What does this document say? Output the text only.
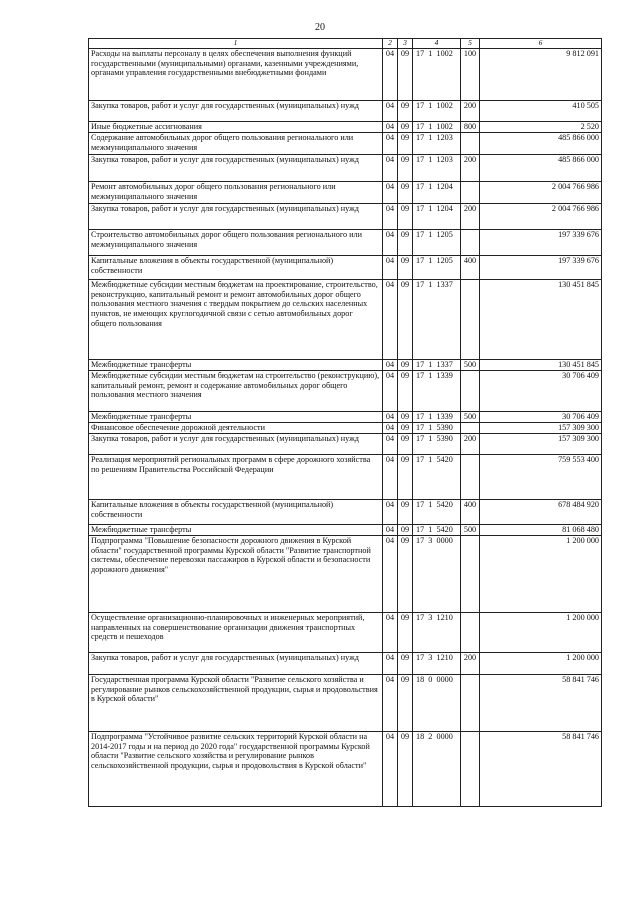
20
1	2	3	4	5	6
Расходы на выплаты персоналу в целях обеспечения выполнения функций государственными (муниципальными) органами, казенными учреждениями, органами управления государственными внебюджетными фондами	04	09	17  1  1002	100	9 812 091
Закупка товаров, работ и услуг для государственных (муниципальных) нужд	04	09	17  1  1002	200	410 505
Иные бюджетные ассигнования	04	09	17  1  1002	800	2 520
Содержание автомобильных дорог общего пользования регионального или межмуниципального значения	04	09	17  1  1203		485 866 000
Закупка товаров, работ и услуг для государственных (муниципальных) нужд	04	09	17  1  1203	200	485 866 000
Ремонт автомобильных дорог общего пользования регионального или межмуниципального значения	04	09	17  1  1204		2 004 766 986
Закупка товаров, работ и услуг для государственных (муниципальных) нужд	04	09	17  1  1204	200	2 004 766 986
Строительство автомобильных дорог общего пользования регионального или межмуниципального значения	04	09	17  1  1205		197 339 676
Капитальные вложения в объекты государственной (муниципальной) собственности	04	09	17  1  1205	400	197 339 676
Межбюджетные субсидии местным бюджетам на проектирование, строительство, реконструкцию, капитальный ремонт и ремонт автомобильных дорог общего пользования местного значения с твердым покрытием до сельских населенных пунктов, не имеющих круглогодичной связи с сетью автомобильных дорог общего пользования	04	09	17  1  1337		130 451 845
Межбюджетные трансферты	04	09	17  1  1337	500	130 451 845
Межбюджетные субсидии местным бюджетам на строительство (реконструкцию), капитальный ремонт, ремонт и содержание автомобильных дорог общего пользования местного значения	04	09	17  1  1339		30 706 409
Межбюджетные трансферты	04	09	17  1  1339	500	30 706 409
Финансовое обеспечение дорожной деятельности	04	09	17  1  5390		157 309 300
Закупка товаров, работ и услуг для государственных (муниципальных) нужд	04	09	17  1  5390	200	157 309 300
Реализация мероприятий региональных программ в сфере дорожного хозяйства по решениям Правительства Российской Федерации	04	09	17  1  5420		759 553 400
Капитальные вложения в объекты государственной (муниципальной) собственности	04	09	17  1  5420	400	678 484 920
Межбюджетные трансферты	04	09	17  1  5420	500	81 068 480
Подпрограмма "Повышение безопасности дорожного движения в Курской области" государственной программы Курской области "Развитие транспортной системы, обеспечение перевозки пассажиров в Курской области и безопасности дорожного движения"	04	09	17  3  0000		1 200 000
Осуществление организационно-планировочных и инженерных мероприятий, направленных на совершенствование организации движения транспортных средств и пешеходов	04	09	17  3  1210		1 200 000
Закупка товаров, работ и услуг для государственных (муниципальных) нужд	04	09	17  3  1210	200	1 200 000
Государственная программа Курской области "Развитие сельского хозяйства и регулирование рынков сельскохозяйственной продукции, сырья и продовольствия в Курской области"	04	09	18  0  0000		58 841 746
Подпрограмма "Устойчивое развитие сельских территорий Курской области на 2014-2017 годы и на период до 2020 года" государственной программы Курской области "Развитие сельского хозяйства и регулирование рынков сельскохозяйственной продукции, сырья и продовольствия в Курской области"	04	09	18  2  0000		58 841 746
